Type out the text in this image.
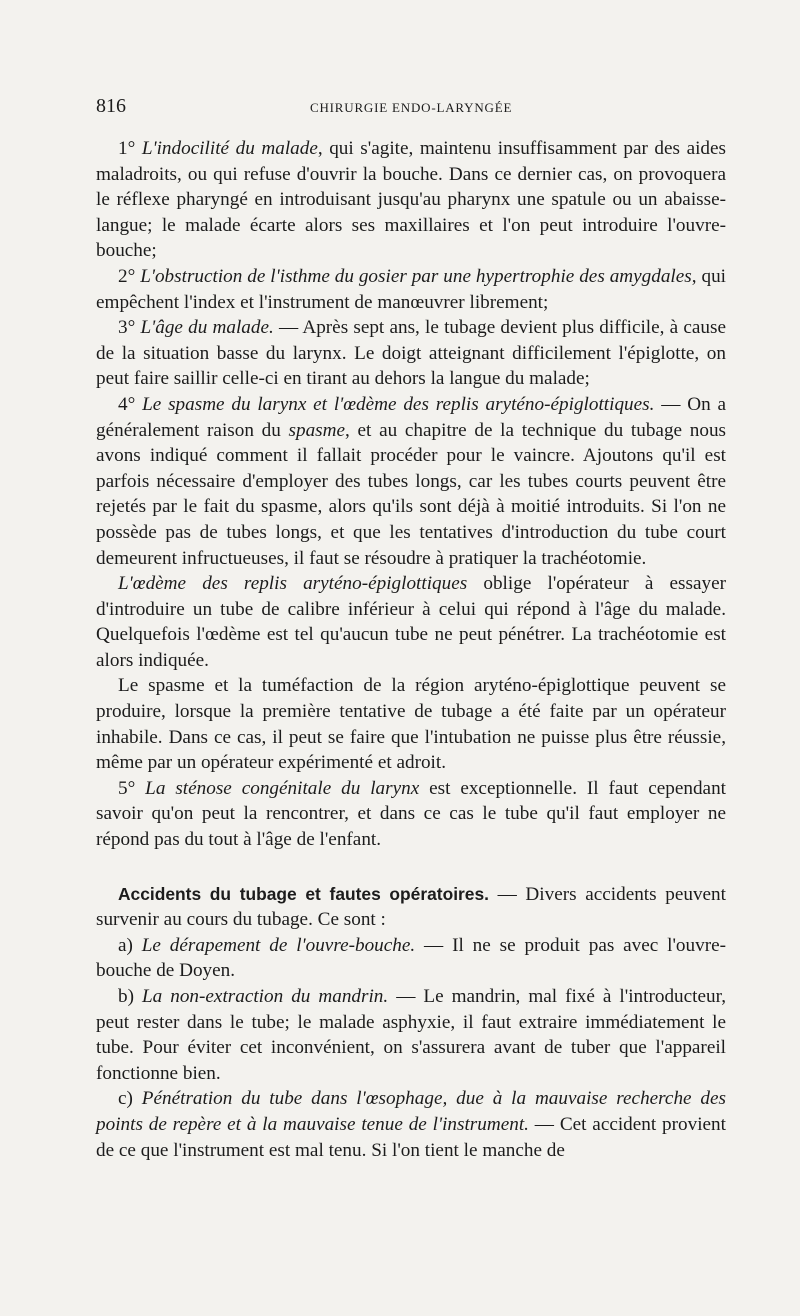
816	CHIRURGIE ENDO-LARYNGÉE

1° L'indocilité du malade, qui s'agite, maintenu insuffisamment par des aides maladroits, ou qui refuse d'ouvrir la bouche. Dans ce dernier cas, on provoquera le réflexe pharyngé en introduisant jusqu'au pharynx une spatule ou un abaisse-langue; le malade écarte alors ses maxillaires et l'on peut introduire l'ouvre-bouche;

2° L'obstruction de l'isthme du gosier par une hypertrophie des amygdales, qui empêchent l'index et l'instrument de manœuvrer librement;

3° L'âge du malade. — Après sept ans, le tubage devient plus difficile, à cause de la situation basse du larynx. Le doigt atteignant difficilement l'épiglotte, on peut faire saillir celle-ci en tirant au dehors la langue du malade;

4° Le spasme du larynx et l'œdème des replis aryténo-épiglottiques. — On a généralement raison du spasme, et au chapitre de la technique du tubage nous avons indiqué comment il fallait procéder pour le vaincre. Ajoutons qu'il est parfois nécessaire d'employer des tubes longs, car les tubes courts peuvent être rejetés par le fait du spasme, alors qu'ils sont déjà à moitié introduits. Si l'on ne possède pas de tubes longs, et que les tentatives d'introduction du tube court demeurent infructueuses, il faut se résoudre à pratiquer la trachéotomie.

L'œdème des replis aryténo-épiglottiques oblige l'opérateur à essayer d'introduire un tube de calibre inférieur à celui qui répond à l'âge du malade. Quelquefois l'œdème est tel qu'aucun tube ne peut pénétrer. La trachéotomie est alors indiquée.

Le spasme et la tuméfaction de la région aryténo-épiglottique peuvent se produire, lorsque la première tentative de tubage a été faite par un opérateur inhabile. Dans ce cas, il peut se faire que l'intubation ne puisse plus être réussie, même par un opérateur expérimenté et adroit.

5° La sténose congénitale du larynx est exceptionnelle. Il faut cependant savoir qu'on peut la rencontrer, et dans ce cas le tube qu'il faut employer ne répond pas du tout à l'âge de l'enfant.

Accidents du tubage et fautes opératoires. — Divers accidents peuvent survenir au cours du tubage. Ce sont :

a) Le dérapement de l'ouvre-bouche. — Il ne se produit pas avec l'ouvre-bouche de Doyen.

b) La non-extraction du mandrin. — Le mandrin, mal fixé à l'introducteur, peut rester dans le tube; le malade asphyxie, il faut extraire immédiatement le tube. Pour éviter cet inconvénient, on s'assurera avant de tuber que l'appareil fonctionne bien.

c) Pénétration du tube dans l'œsophage, due à la mauvaise recherche des points de repère et à la mauvaise tenue de l'instrument. — Cet accident provient de ce que l'instrument est mal tenu. Si l'on tient le manche de
